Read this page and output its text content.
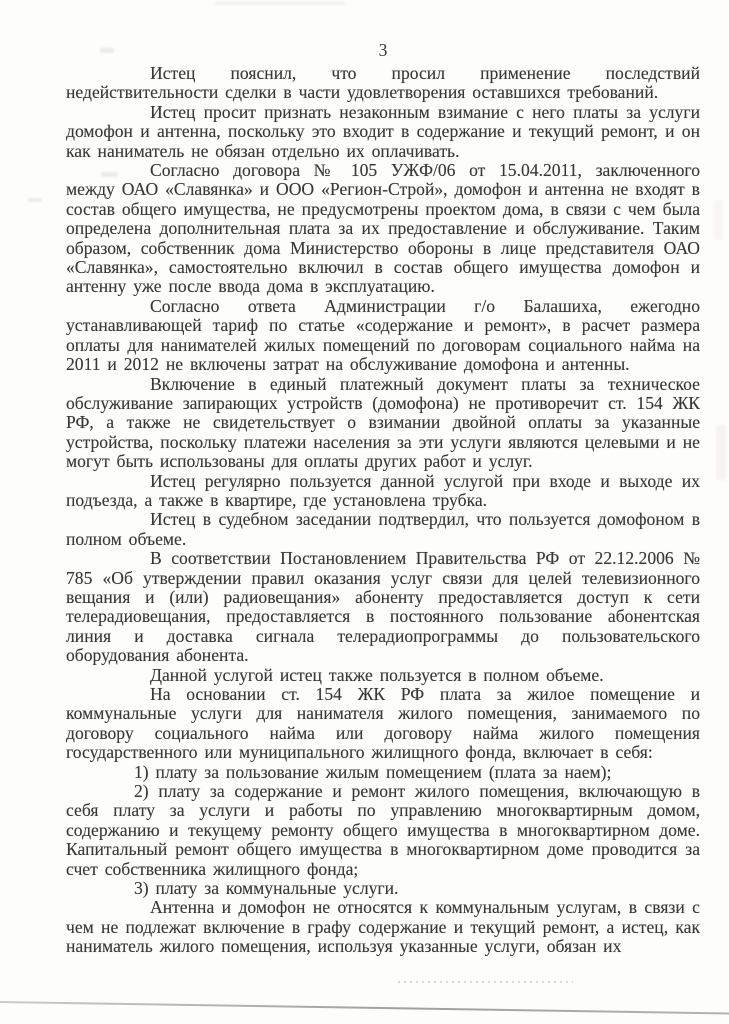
3

Истец пояснил, что просил применение последствий недействительности сделки в части удовлетворения оставшихся требований.

Истец просит признать незаконным взимание с него платы за услуги домофон и антенна, поскольку это входит в содержание и текущий ремонт, и он как наниматель не обязан отдельно их оплачивать.

Согласно договора № 105 УЖФ/06 от 15.04.2011, заключенного между ОАО «Славянка» и ООО «Регион-Строй», домофон и антенна не входят в состав общего имущества, не предусмотрены проектом дома, в связи с чем была определена дополнительная плата за их предоставление и обслуживание. Таким образом, собственник дома Министерство обороны в лице представителя ОАО «Славянка», самостоятельно включил в состав общего имущества домофон и антенну уже после ввода дома в эксплуатацию.

Согласно ответа Администрации г/о Балашиха, ежегодно устанавливающей тариф по статье «содержание и ремонт», в расчет размера оплаты для нанимателей жилых помещений по договорам социального найма на 2011 и 2012 не включены затрат на обслуживание домофона и антенны.

Включение в единый платежный документ платы за техническое обслуживание запирающих устройств (домофона) не противоречит ст. 154 ЖК РФ, а также не свидетельствует о взимании двойной оплаты за указанные устройства, поскольку платежи населения за эти услуги являются целевыми и не могут быть использованы для оплаты других работ и услуг.

Истец регулярно пользуется данной услугой при входе и выходе их подъезда, а также в квартире, где установлена трубка.

Истец в судебном заседании подтвердил, что пользуется домофоном в полном объеме.

В соответствии Постановлением Правительства РФ от 22.12.2006 № 785 «Об утверждении правил оказания услуг связи для целей телевизионного вещания и (или) радиовещания» абоненту предоставляется доступ к сети телерадиовещания, предоставляется в постоянного пользование абонентская линия и доставка сигнала телерадиопрограммы до пользовательского оборудования абонента.

Данной услугой истец также пользуется в полном объеме.

На основании ст. 154 ЖК РФ плата за жилое помещение и коммунальные услуги для нанимателя жилого помещения, занимаемого по договору социального найма или договору найма жилого помещения государственного или муниципального жилищного фонда, включает в себя:

1) плату за пользование жилым помещением (плата за наем);

2) плату за содержание и ремонт жилого помещения, включающую в себя плату за услуги и работы по управлению многоквартирным домом, содержанию и текущему ремонту общего имущества в многоквартирном доме. Капитальный ремонт общего имущества в многоквартирном доме проводится за счет собственника жилищного фонда;

3) плату за коммунальные услуги.

Антенна и домофон не относятся к коммунальным услугам, в связи с чем не подлежат включение в графу содержание и текущий ремонт, а истец, как наниматель жилого помещения, используя указанные услуги, обязан их
